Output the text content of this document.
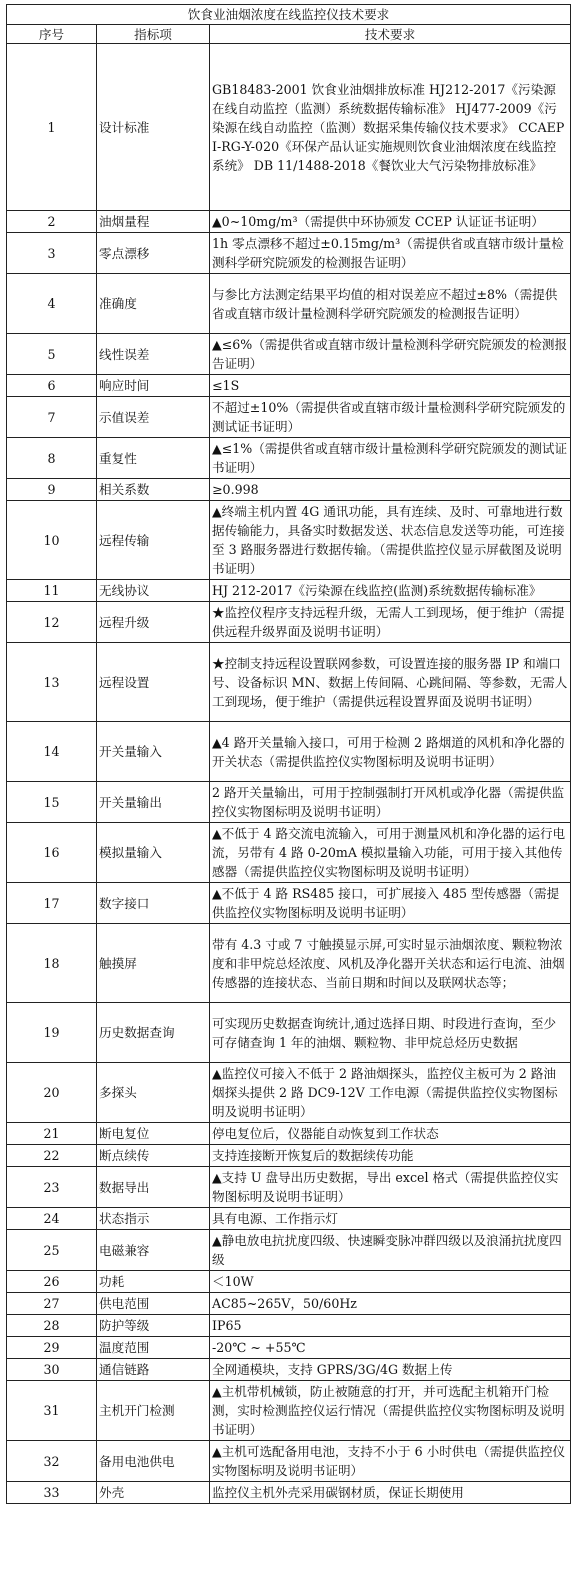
饮食业油烟浓度在线监控仪技术要求		
序号	指标项	技术要求
1	设计标准	GB18483-2001 饮食业油烟排放标准 HJ212-2017《污染源在线自动监控（监测）系统数据传输标准》 HJ477-2009《污染源在线自动监控（监测）数据采集传输仪技术要求》 CCAEPI-RG-Y-020《环保产品认证实施规则饮食业油烟浓度在线监控系统》 DB 11/1488-2018《餐饮业大气污染物排放标准》
2	油烟量程	▲0~10mg/m³（需提供中环协颁发 CCEP 认证证书证明）
3	零点漂移	1h 零点漂移不超过±0.15mg/m³（需提供省或直辖市级计量检测科学研究院颁发的检测报告证明）
4	准确度	与参比方法测定结果平均值的相对误差应不超过±8%（需提供省或直辖市级计量检测科学研究院颁发的检测报告证明）
5	线性误差	▲≤6%（需提供省或直辖市级计量检测科学研究院颁发的检测报告证明）
6	响应时间	≤1S
7	示值误差	不超过±10%（需提供省或直辖市级计量检测科学研究院颁发的测试证书证明）
8	重复性	▲≤1%（需提供省或直辖市级计量检测科学研究院颁发的测试证书证明）
9	相关系数	≥0.998
10	远程传输	▲终端主机内置 4G 通讯功能，具有连续、及时、可靠地进行数据传输能力，具备实时数据发送、状态信息发送等功能，可连接至 3 路服务器进行数据传输。（需提供监控仪显示屏截图及说明书证明）
11	无线协议	HJ 212-2017《污染源在线监控(监测)系统数据传输标准》
12	远程升级	★监控仪程序支持远程升级，无需人工到现场，便于维护（需提供远程升级界面及说明书证明）
13	远程设置	★控制支持远程设置联网参数，可设置连接的服务器 IP 和端口号、设备标识 MN、数据上传间隔、心跳间隔、等参数，无需人工到现场，便于维护（需提供远程设置界面及说明书证明）
14	开关量输入	▲4 路开关量输入接口，可用于检测 2 路烟道的风机和净化器的开关状态（需提供监控仪实物图标明及说明书证明）
15	开关量输出	2 路开关量输出，可用于控制强制打开风机或净化器（需提供监控仪实物图标明及说明书证明）
16	模拟量输入	▲不低于 4 路交流电流输入，可用于测量风机和净化器的运行电流，另带有 4 路 0-20mA 模拟量输入功能，可用于接入其他传感器（需提供监控仪实物图标明及说明书证明）
17	数字接口	▲不低于 4 路 RS485 接口，可扩展接入 485 型传感器（需提供监控仪实物图标明及说明书证明）
18	触摸屏	带有 4.3 寸或 7 寸触摸显示屏,可实时显示油烟浓度、颗粒物浓度和非甲烷总烃浓度、风机及净化器开关状态和运行电流、油烟传感器的连接状态、当前日期和时间以及联网状态等；
19	历史数据查询	可实现历史数据查询统计,通过选择日期、时段进行查询，至少可存储查询 1 年的油烟、颗粒物、非甲烷总烃历史数据
20	多探头	▲监控仪可接入不低于 2 路油烟探头，监控仪主板可为 2 路油烟探头提供 2 路 DC9-12V 工作电源（需提供监控仪实物图标明及说明书证明）
21	断电复位	停电复位后，仪器能自动恢复到工作状态
22	断点续传	支持连接断开恢复后的数据续传功能
23	数据导出	▲支持 U 盘导出历史数据，导出 excel 格式（需提供监控仪实物图标明及说明书证明）
24	状态指示	具有电源、工作指示灯
25	电磁兼容	▲静电放电抗扰度四级、快速瞬变脉冲群四级以及浪涌抗扰度四级
26	功耗	＜10W
27	供电范围	AC85~265V，50/60Hz
28	防护等级	IP65
29	温度范围	-20℃ ~ +55℃
30	通信链路	全网通模块，支持 GPRS/3G/4G 数据上传
31	主机开门检测	▲主机带机械锁，防止被随意的打开，并可选配主机箱开门检测，实时检测监控仪运行情况（需提供监控仪实物图标明及说明书证明）
32	备用电池供电	▲主机可选配备用电池，支持不小于 6 小时供电（需提供监控仪实物图标明及说明书证明）
33	外壳	监控仪主机外壳采用碳钢材质，保证长期使用
